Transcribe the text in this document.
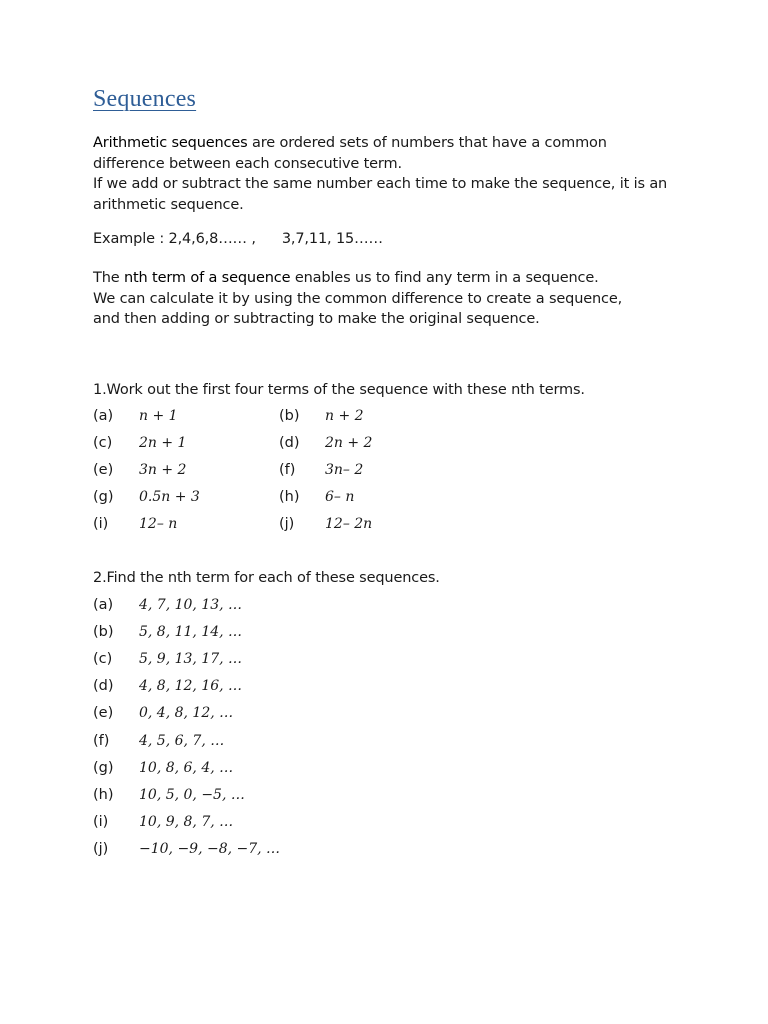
Sequences
Arithmetic sequences are ordered sets of numbers that have a common
difference between each consecutive term.
If we add or subtract the same number each time to make the sequence, it is an
arithmetic sequence.
Example : 2,4,6,8…… , 3,7,11, 15……
The nth term of a sequence enables us to find any term in a sequence.
We can calculate it by using the common difference to create a sequence,
and then adding or subtracting to make the original sequence.
1.Work out the first four terms of the sequence with these nth terms.
(a) n + 1	(b) n + 2
(c) 2n + 1	(d) 2n + 2
(e) 3n + 2	(f) 3n– 2
(g) 0.5n + 3	(h) 6– n
(i) 12– n	(j) 12– 2n
2.Find the nth term for each of these sequences.
(a) 4, 7, 10, 13, …
(b) 5, 8, 11, 14, …
(c) 5, 9, 13, 17, …
(d) 4, 8, 12, 16, …
(e) 0, 4, 8, 12, …
(f) 4, 5, 6, 7, …
(g) 10, 8, 6, 4, …
(h) 10, 5, 0, −5, …
(i) 10, 9, 8, 7, …
(j) −10, −9, −8, −7, …
